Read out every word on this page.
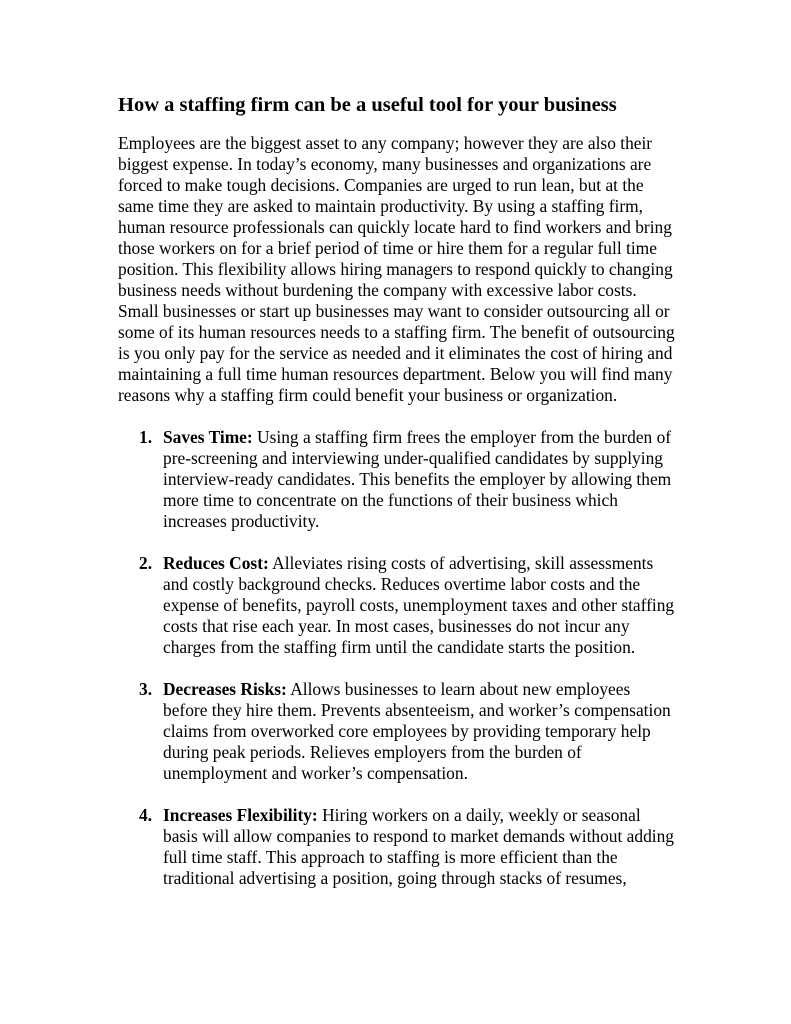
How a staffing firm can be a useful tool for your business

Employees are the biggest asset to any company; however they are also their biggest expense. In today’s economy, many businesses and organizations are forced to make tough decisions. Companies are urged to run lean, but at the same time they are asked to maintain productivity. By using a staffing firm, human resource professionals can quickly locate hard to find workers and bring those workers on for a brief period of time or hire them for a regular full time position. This flexibility allows hiring managers to respond quickly to changing business needs without burdening the company with excessive labor costs. Small businesses or start up businesses may want to consider outsourcing all or some of its human resources needs to a staffing firm. The benefit of outsourcing is you only pay for the service as needed and it eliminates the cost of hiring and maintaining a full time human resources department. Below you will find many reasons why a staffing firm could benefit your business or organization.

1. Saves Time: Using a staffing firm frees the employer from the burden of pre-screening and interviewing under-qualified candidates by supplying interview-ready candidates. This benefits the employer by allowing them more time to concentrate on the functions of their business which increases productivity.
2. Reduces Cost: Alleviates rising costs of advertising, skill assessments and costly background checks. Reduces overtime labor costs and the expense of benefits, payroll costs, unemployment taxes and other staffing costs that rise each year. In most cases, businesses do not incur any charges from the staffing firm until the candidate starts the position.
3. Decreases Risks: Allows businesses to learn about new employees before they hire them. Prevents absenteeism, and worker’s compensation claims from overworked core employees by providing temporary help during peak periods. Relieves employers from the burden of unemployment and worker’s compensation.
4. Increases Flexibility: Hiring workers on a daily, weekly or seasonal basis will allow companies to respond to market demands without adding full time staff. This approach to staffing is more efficient than the traditional advertising a position, going through stacks of resumes,
